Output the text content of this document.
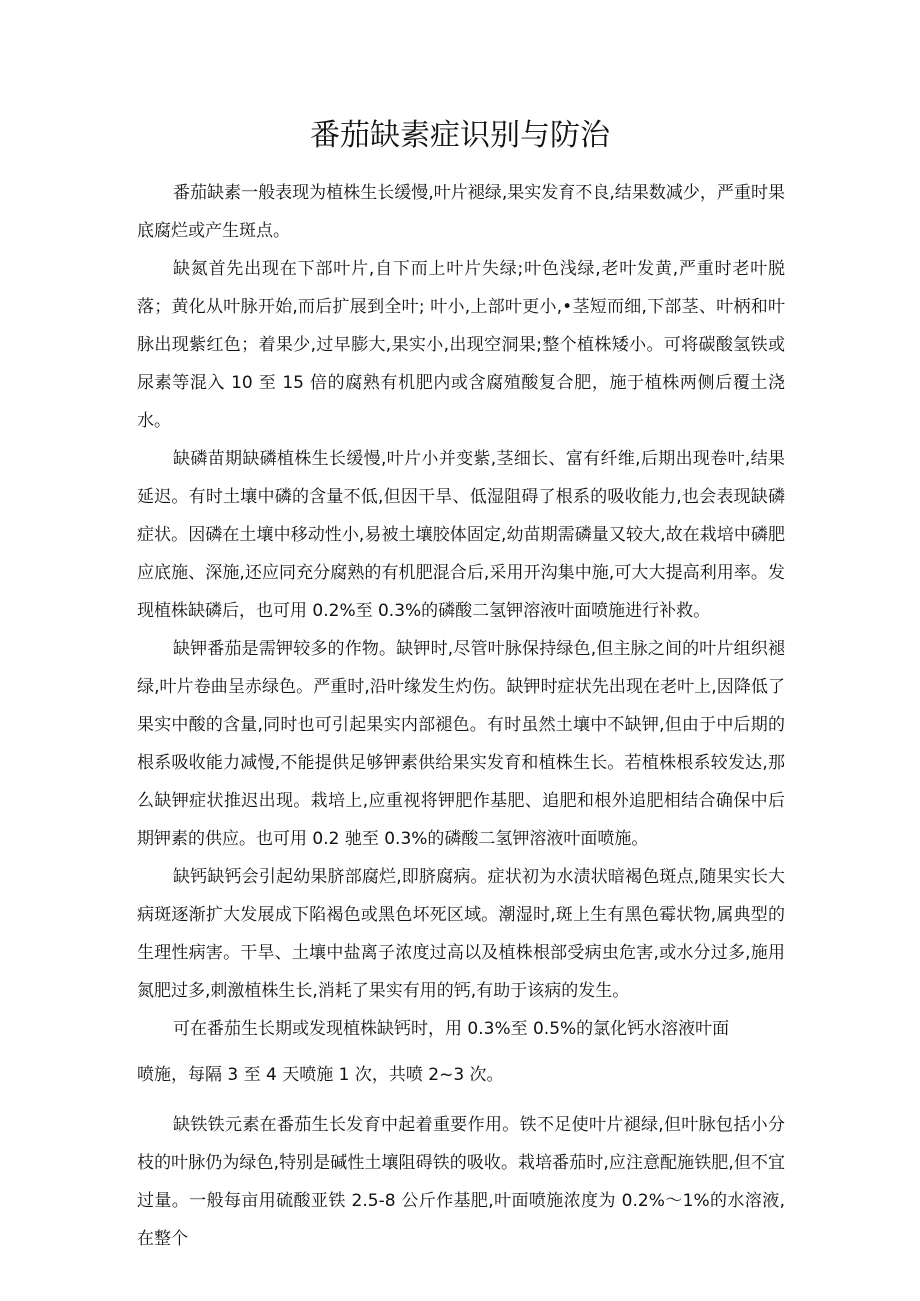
番茄缺素症识别与防治

番茄缺素一般表现为植株生长缓慢,叶片褪绿,果实发育不良,结果数减少，严重时果底腐烂或产生斑点。

缺氮首先出现在下部叶片,自下而上叶片失绿;叶色浅绿,老叶发黄,严重时老叶脱落；黄化从叶脉开始,而后扩展到全叶; 叶小,上部叶更小,•茎短而细,下部茎、叶柄和叶脉出现紫红色；着果少,过早膨大,果实小,出现空洞果;整个植株矮小。可将碳酸氢铁或尿素等混入 10 至 15 倍的腐熟有机肥内或含腐殖酸复合肥，施于植株两侧后覆土浇水。

缺磷苗期缺磷植株生长缓慢,叶片小并变紫,茎细长、富有纤维,后期出现卷叶,结果延迟。有时土壤中磷的含量不低,但因干旱、低湿阻碍了根系的吸收能力,也会表现缺磷症状。因磷在土壤中移动性小,易被土壤胶体固定,幼苗期需磷量又较大,故在栽培中磷肥应底施、深施,还应同充分腐熟的有机肥混合后,采用开沟集中施,可大大提高利用率。发现植株缺磷后，也可用 0.2%至 0.3%的磷酸二氢钾溶液叶面喷施进行补救。

缺钾番茄是需钾较多的作物。缺钾时,尽管叶脉保持绿色,但主脉之间的叶片组织褪绿,叶片卷曲呈赤绿色。严重时,沿叶缘发生灼伤。缺钾时症状先出现在老叶上,因降低了果实中酸的含量,同时也可引起果实内部褪色。有时虽然土壤中不缺钾,但由于中后期的根系吸收能力减慢,不能提供足够钾素供给果实发育和植株生长。若植株根系较发达,那么缺钾症状推迟出现。栽培上,应重视将钾肥作基肥、追肥和根外追肥相结合确保中后期钾素的供应。也可用 0.2 驰至 0.3%的磷酸二氢钾溶液叶面喷施。

缺钙缺钙会引起幼果脐部腐烂,即脐腐病。症状初为水渍状暗褐色斑点,随果实长大病斑逐渐扩大发展成下陷褐色或黑色坏死区域。潮湿时,斑上生有黑色霉状物,属典型的生理性病害。干旱、土壤中盐离子浓度过高以及植株根部受病虫危害,或水分过多,施用氮肥过多,刺激植株生长,消耗了果实有用的钙,有助于该病的发生。

可在番茄生长期或发现植株缺钙时，用 0.3%至 0.5%的氯化钙水溶液叶面

喷施，每隔 3 至 4 天喷施 1 次，共喷 2~3 次。

缺铁铁元素在番茄生长发育中起着重要作用。铁不足使叶片褪绿,但叶脉包括小分枝的叶脉仍为绿色,特别是碱性土壤阻碍铁的吸收。栽培番茄时,应注意配施铁肥,但不宜过量。一般每亩用硫酸亚铁 2.5-8 公斤作基肥,叶面喷施浓度为 0.2%～1%的水溶液,在整个
